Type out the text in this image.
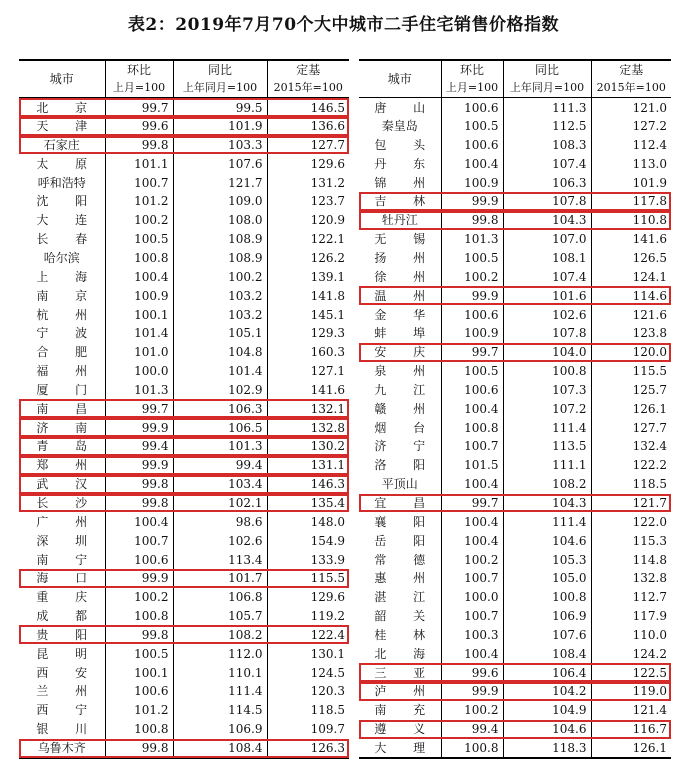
表2：2019年7月70个大中城市二手住宅销售价格指数
城市	环比	同比	定基
	上月=100	上年同月=100	2015年=100
北       京	99.7	99.5	146.5
天       津	99.6	101.9	136.6
石家庄	99.8	103.3	127.7
太       原	101.1	107.6	129.6
呼和浩特	100.7	121.7	131.2
沈       阳	101.2	109.0	123.7
大       连	100.2	108.0	120.9
长       春	100.5	108.9	122.1
哈尔滨	100.8	108.9	126.2
上       海	100.4	100.2	139.1
南       京	100.9	103.2	141.8
杭       州	100.1	103.2	145.1
宁       波	101.4	105.1	129.3
合       肥	101.0	104.8	160.3
福       州	100.0	101.4	127.1
厦       门	101.3	102.9	141.6
南       昌	99.7	106.3	132.1
济       南	99.9	106.5	132.8
青       岛	99.4	101.3	130.2
郑       州	99.9	99.4	131.1
武       汉	99.8	103.4	146.3
长       沙	99.8	102.1	135.4
广       州	100.4	98.6	148.0
深       圳	100.7	102.6	154.9
南       宁	100.6	113.4	133.9
海       口	99.9	101.7	115.5
重       庆	100.2	106.8	129.6
成       都	100.8	105.7	119.2
贵       阳	99.8	108.2	122.4
昆       明	100.5	112.0	130.1
西       安	100.1	110.1	124.5
兰       州	100.6	111.4	120.3
西       宁	101.2	114.5	118.5
银       川	100.8	106.9	109.7
乌鲁木齐	99.8	108.4	126.3
城市	环比	同比	定基
	上月=100	上年同月=100	2015年=100
唐       山	100.6	111.3	121.0
秦皇岛	100.5	112.5	127.2
包       头	100.6	108.3	112.4
丹       东	100.4	107.4	113.0
锦       州	100.9	106.3	101.9
吉       林	99.9	107.8	117.8
牡丹江	99.8	104.3	110.8
无       锡	101.3	107.0	141.6
扬       州	100.5	108.1	126.5
徐       州	100.2	107.4	124.1
温       州	99.9	101.6	114.6
金       华	100.6	102.6	121.6
蚌       埠	100.9	107.8	123.8
安       庆	99.7	104.0	120.0
泉       州	100.5	100.8	115.5
九       江	100.6	107.3	125.7
赣       州	100.4	107.2	126.1
烟       台	100.8	111.4	127.7
济       宁	100.7	113.5	132.4
洛       阳	101.5	111.1	122.2
平顶山	100.4	108.2	118.5
宜       昌	99.7	104.3	121.7
襄       阳	100.4	111.4	122.0
岳       阳	100.4	104.6	115.3
常       德	100.2	105.3	114.8
惠       州	100.7	105.0	132.8
湛       江	100.0	100.8	112.7
韶       关	100.7	106.9	117.9
桂       林	100.3	107.6	110.0
北       海	100.4	108.4	124.2
三       亚	99.6	106.4	122.5
泸       州	99.9	104.2	119.0
南       充	100.2	104.9	121.4
遵       义	99.4	104.6	116.7
大       理	100.8	118.3	126.1
